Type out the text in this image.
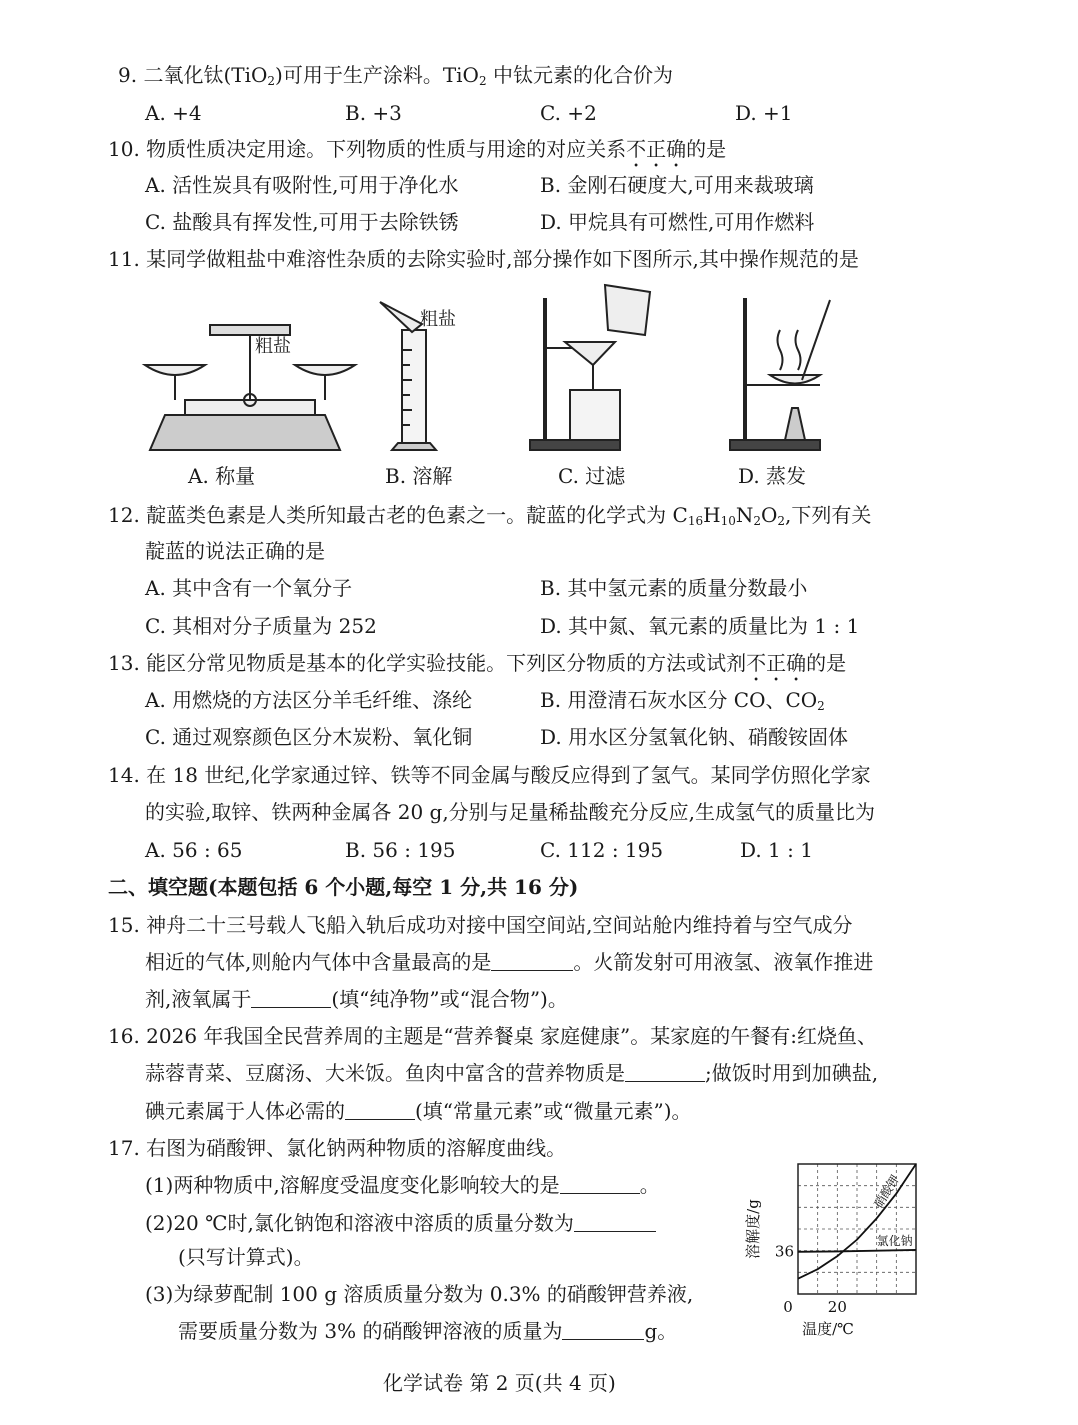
9. 二氧化钛(TiO$_2$)可用于生产涂料。TiO$_2$ 中钛元素的化合价为
A. +4	B. +3	C. +2	D. +1
10. 物质性质决定用途。下列物质的性质与用途的对应关系不正确的是
A. 活性炭具有吸附性,可用于净化水	B. 金刚石硬度大,可用来裁玻璃
C. 盐酸具有挥发性,可用于去除铁锈	D. 甲烷具有可燃性,可用作燃料
11. 某同学做粗盐中难溶性杂质的去除实验时,部分操作如下图所示,其中操作规范的是
粗盐
粗盐
A. 称量	B. 溶解	C. 过滤	D. 蒸发
12. 靛蓝类色素是人类所知最古老的色素之一。靛蓝的化学式为 $C_{16}H_{10}N_2O_2$,下列有关
靛蓝的说法正确的是
A. 其中含有一个氧分子	B. 其中氢元素的质量分数最小
C. 其相对分子质量为 252	D. 其中氮、氧元素的质量比为 1 : 1
13. 能区分常见物质是基本的化学实验技能。下列区分物质的方法或试剂不正确的是
A. 用燃烧的方法区分羊毛纤维、涤纶	B. 用澄清石灰水区分 CO、$CO_2$
C. 通过观察颜色区分木炭粉、氧化铜	D. 用水区分氢氧化钠、硝酸铵固体
14. 在 18 世纪,化学家通过锌、铁等不同金属与酸反应得到了氢气。某同学仿照化学家
的实验,取锌、铁两种金属各 20 g,分别与足量稀盐酸充分反应,生成氢气的质量比为
A. 56 : 65	B. 56 : 195	C. 112 : 195	D. 1 : 1
二、填空题(本题包括 6 个小题,每空 1 分,共 16 分)
15. 神舟二十三号载人飞船入轨后成功对接中国空间站,空间站舱内维持着与空气成分
相近的气体,则舱内气体中含量最高的是	。火箭发射可用液氢、液氧作推进
剂,液氧属于	(填“纯净物”或“混合物”)。
16. 2026 年我国全民营养周的主题是“营养餐桌 家庭健康”。某家庭的午餐有:红烧鱼、
蒜蓉青菜、豆腐汤、大米饭。鱼肉中富含的营养物质是	;做饭时用到加碘盐,
碘元素属于人体必需的	(填“常量元素”或“微量元素”)。
17. 右图为硝酸钾、氯化钠两种物质的溶解度曲线。
(1)两种物质中,溶解度受温度变化影响较大的是	。
(2)20 ℃时,氯化钠饱和溶液中溶质的质量分数为
(只写计算式)。
(3)为绿萝配制 100 g 溶质质量分数为 0.3% 的硝酸钾营养液,
需要质量分数为 3% 的硝酸钾溶液的质量为	g。
硝酸钾
氯化钠
36
0 20
溶解度/g
温度/℃
化学试卷 第 2 页(共 4 页)
